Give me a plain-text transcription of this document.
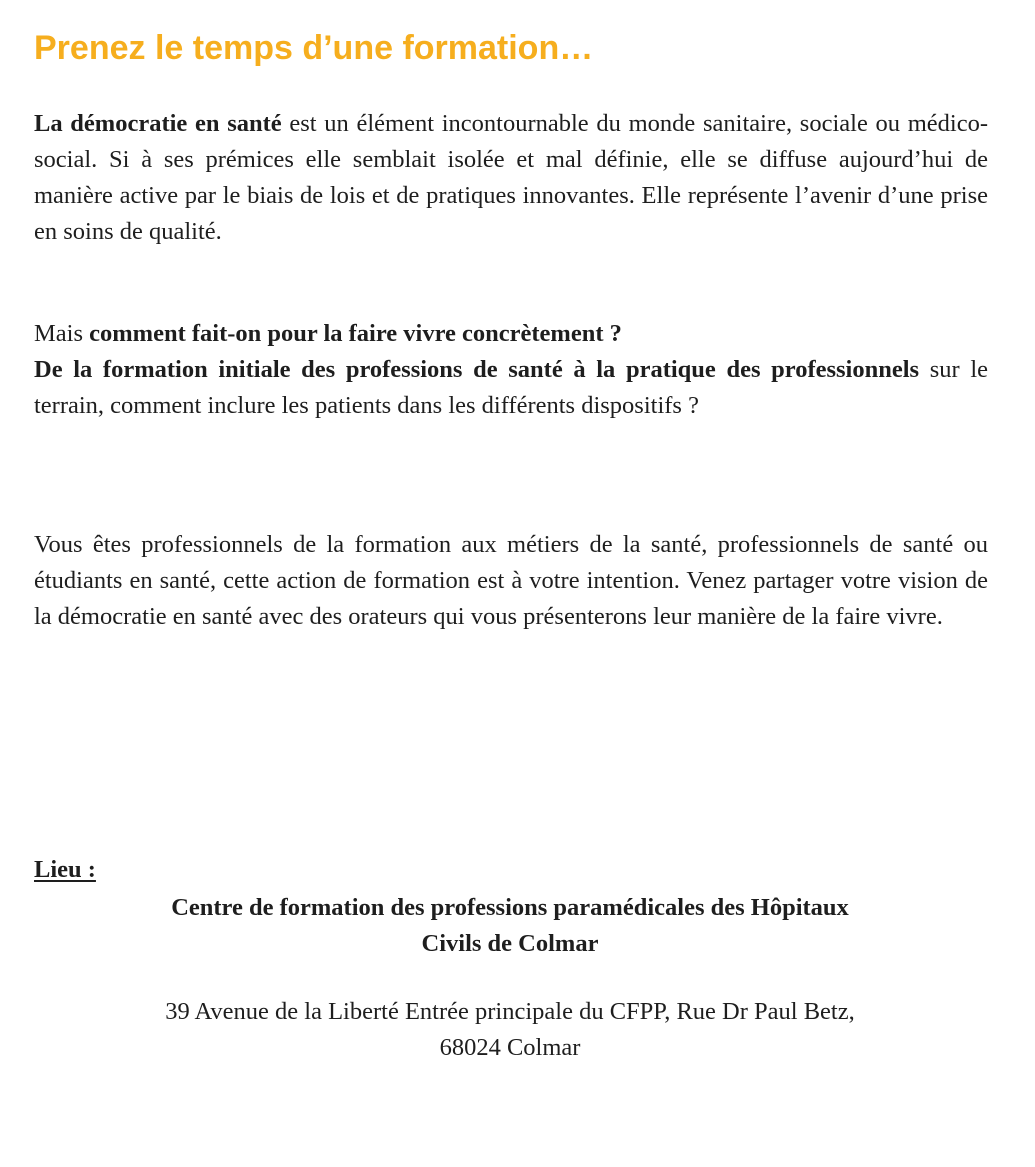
Prenez le temps d’une formation…

La démocratie en santé est un élément incontournable du monde sanitaire, sociale ou médico-social. Si à ses prémices elle semblait isolée et mal définie, elle se diffuse aujourd’hui de manière active par le biais de lois et de pratiques innovantes. Elle représente l’avenir d’une prise en soins de qualité.

Mais comment fait-on pour la faire vivre concrètement ?

De la formation initiale des professions de santé à la pratique des professionnels sur le terrain, comment inclure les patients dans les différents dispositifs ?

Vous êtes professionnels de la formation aux métiers de la santé, professionnels de santé ou étudiants en santé, cette action de formation est à votre intention. Venez partager votre vision de la démocratie en santé avec des orateurs qui vous présenterons leur manière de la faire vivre.

Lieu :

Centre de formation des professions paramédicales des Hôpitaux
Civils de Colmar

39 Avenue de la Liberté Entrée principale du CFPP, Rue Dr Paul Betz,
68024 Colmar
